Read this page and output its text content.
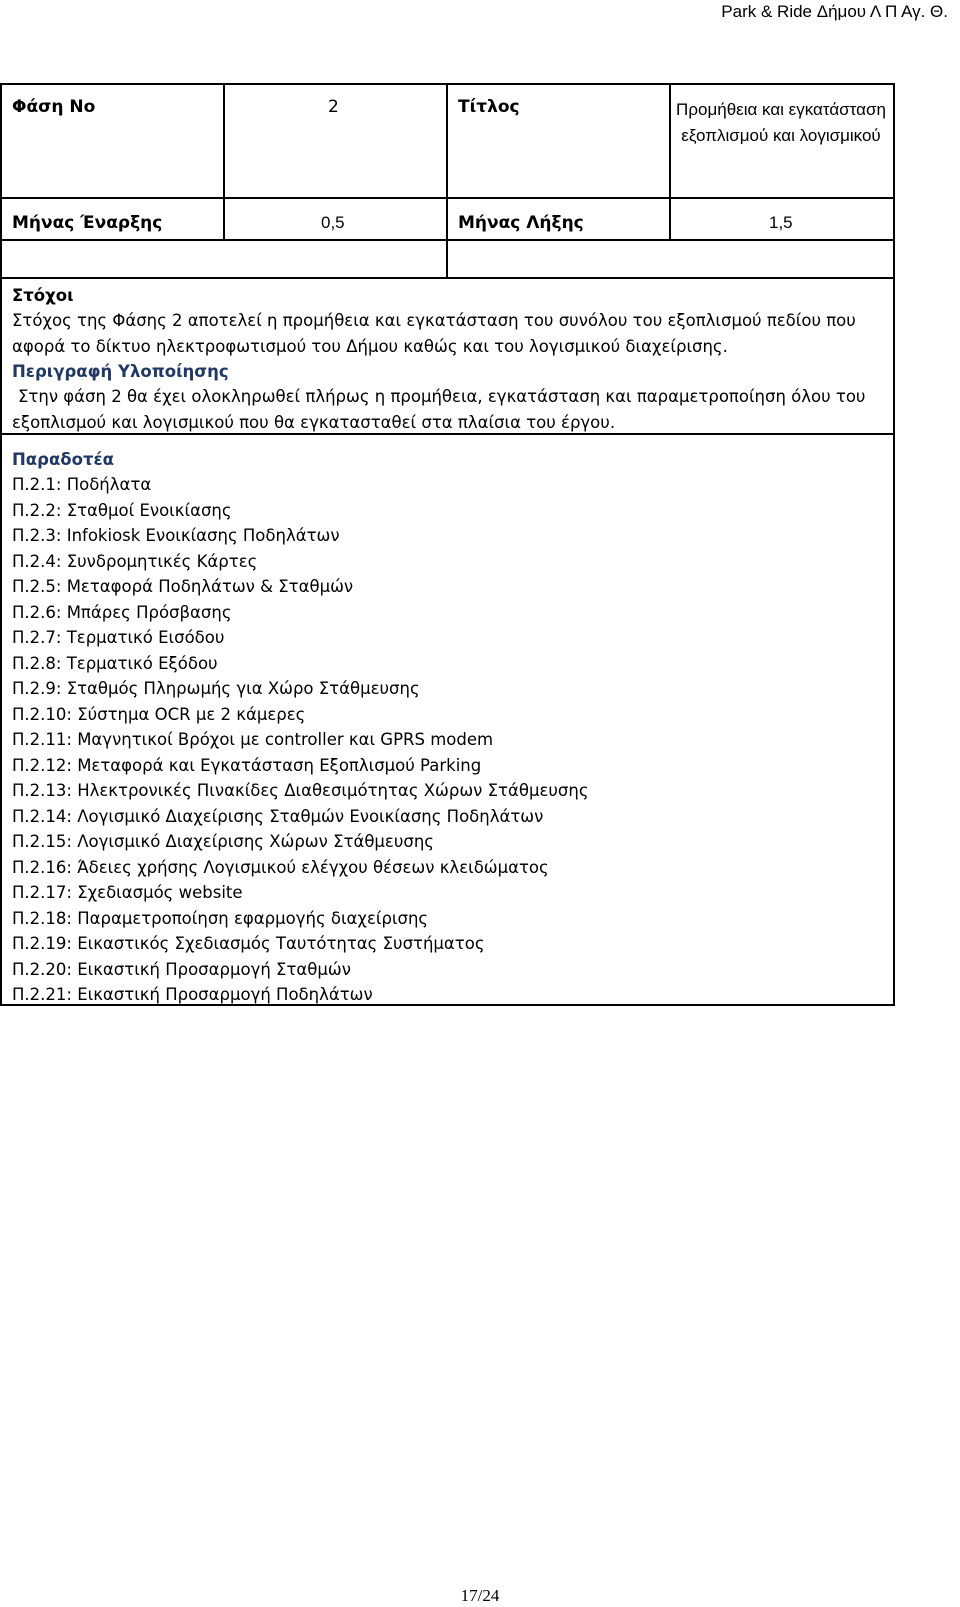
Park & Ride Δήμου Λ Π Αγ. Θ.
Φάση Νο	2	Τίτλος	Προμήθεια και εγκατάσταση εξοπλισμού και λογισμικού
Μήνας Έναρξης	0,5	Μήνας Λήξης	1,5
Στόχοι
Στόχος της Φάσης 2 αποτελεί η προμήθεια και εγκατάσταση του συνόλου του εξοπλισμού πεδίου που αφορά το δίκτυο ηλεκτροφωτισμού του Δήμου καθώς και του λογισμικού διαχείρισης.
Περιγραφή Υλοποίησης
Στην φάση 2 θα έχει ολοκληρωθεί πλήρως η προμήθεια, εγκατάσταση και παραμετροποίηση όλου του εξοπλισμού και λογισμικού που θα εγκατασταθεί στα πλαίσια του έργου.
Παραδοτέα
Π.2.1: Ποδήλατα
Π.2.2: Σταθμοί Ενοικίασης
Π.2.3: Infokiosk Ενοικίασης Ποδηλάτων
Π.2.4: Συνδρομητικές Κάρτες
Π.2.5: Μεταφορά Ποδηλάτων & Σταθμών
Π.2.6: Μπάρες Πρόσβασης
Π.2.7: Τερματικό Εισόδου
Π.2.8: Τερματικό Εξόδου
Π.2.9: Σταθμός Πληρωμής για Χώρο Στάθμευσης
Π.2.10: Σύστημα OCR με 2 κάμερες
Π.2.11: Μαγνητικοί Βρόχοι με controller και GPRS modem
Π.2.12: Μεταφορά και Εγκατάσταση Εξοπλισμού Parking
Π.2.13: Ηλεκτρονικές Πινακίδες Διαθεσιμότητας Χώρων Στάθμευσης
Π.2.14: Λογισμικό Διαχείρισης Σταθμών Ενοικίασης Ποδηλάτων
Π.2.15: Λογισμικό Διαχείρισης Χώρων Στάθμευσης
Π.2.16: Άδειες χρήσης Λογισμικού ελέγχου θέσεων κλειδώματος
Π.2.17: Σχεδιασμός website
Π.2.18: Παραμετροποίηση εφαρμογής διαχείρισης
Π.2.19: Εικαστικός Σχεδιασμός Ταυτότητας Συστήματος
Π.2.20: Εικαστική Προσαρμογή Σταθμών
Π.2.21: Εικαστική Προσαρμογή Ποδηλάτων
17/24
